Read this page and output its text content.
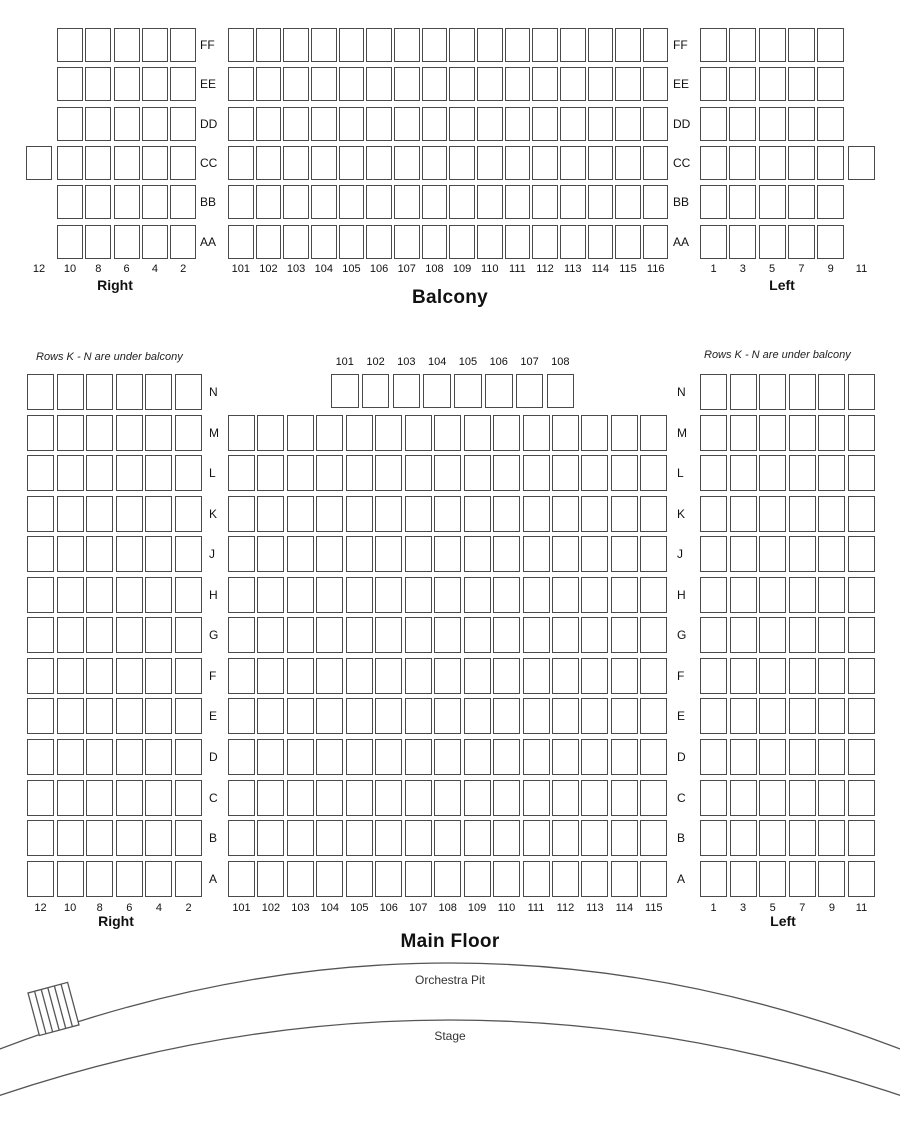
FF	FF
EE	EE
DD	DD
CC	CC
BB	BB
AA	AA
12	10	8	6	4	2	101 102 103 104 105 106 107 108 109 110 111 112 113 114 115 116	1	3	5	7	9	11
N	N
M	M
L	L
K	K
J	J
H	H
G	G
F	F
E	E
D	D
C	C
B	B
A	A
12	10	8	6	4	2	101	102	103	104	105	106	107	108	109	110	111	112	113	114	115	1	3	5	7	9	11
101	102	103	104	105	106	107	108
Right	Left
Balcony
Rows K - N are under balcony	Rows K - N are under balcony
Right	Left
Main Floor
Orchestra Pit
Stage
